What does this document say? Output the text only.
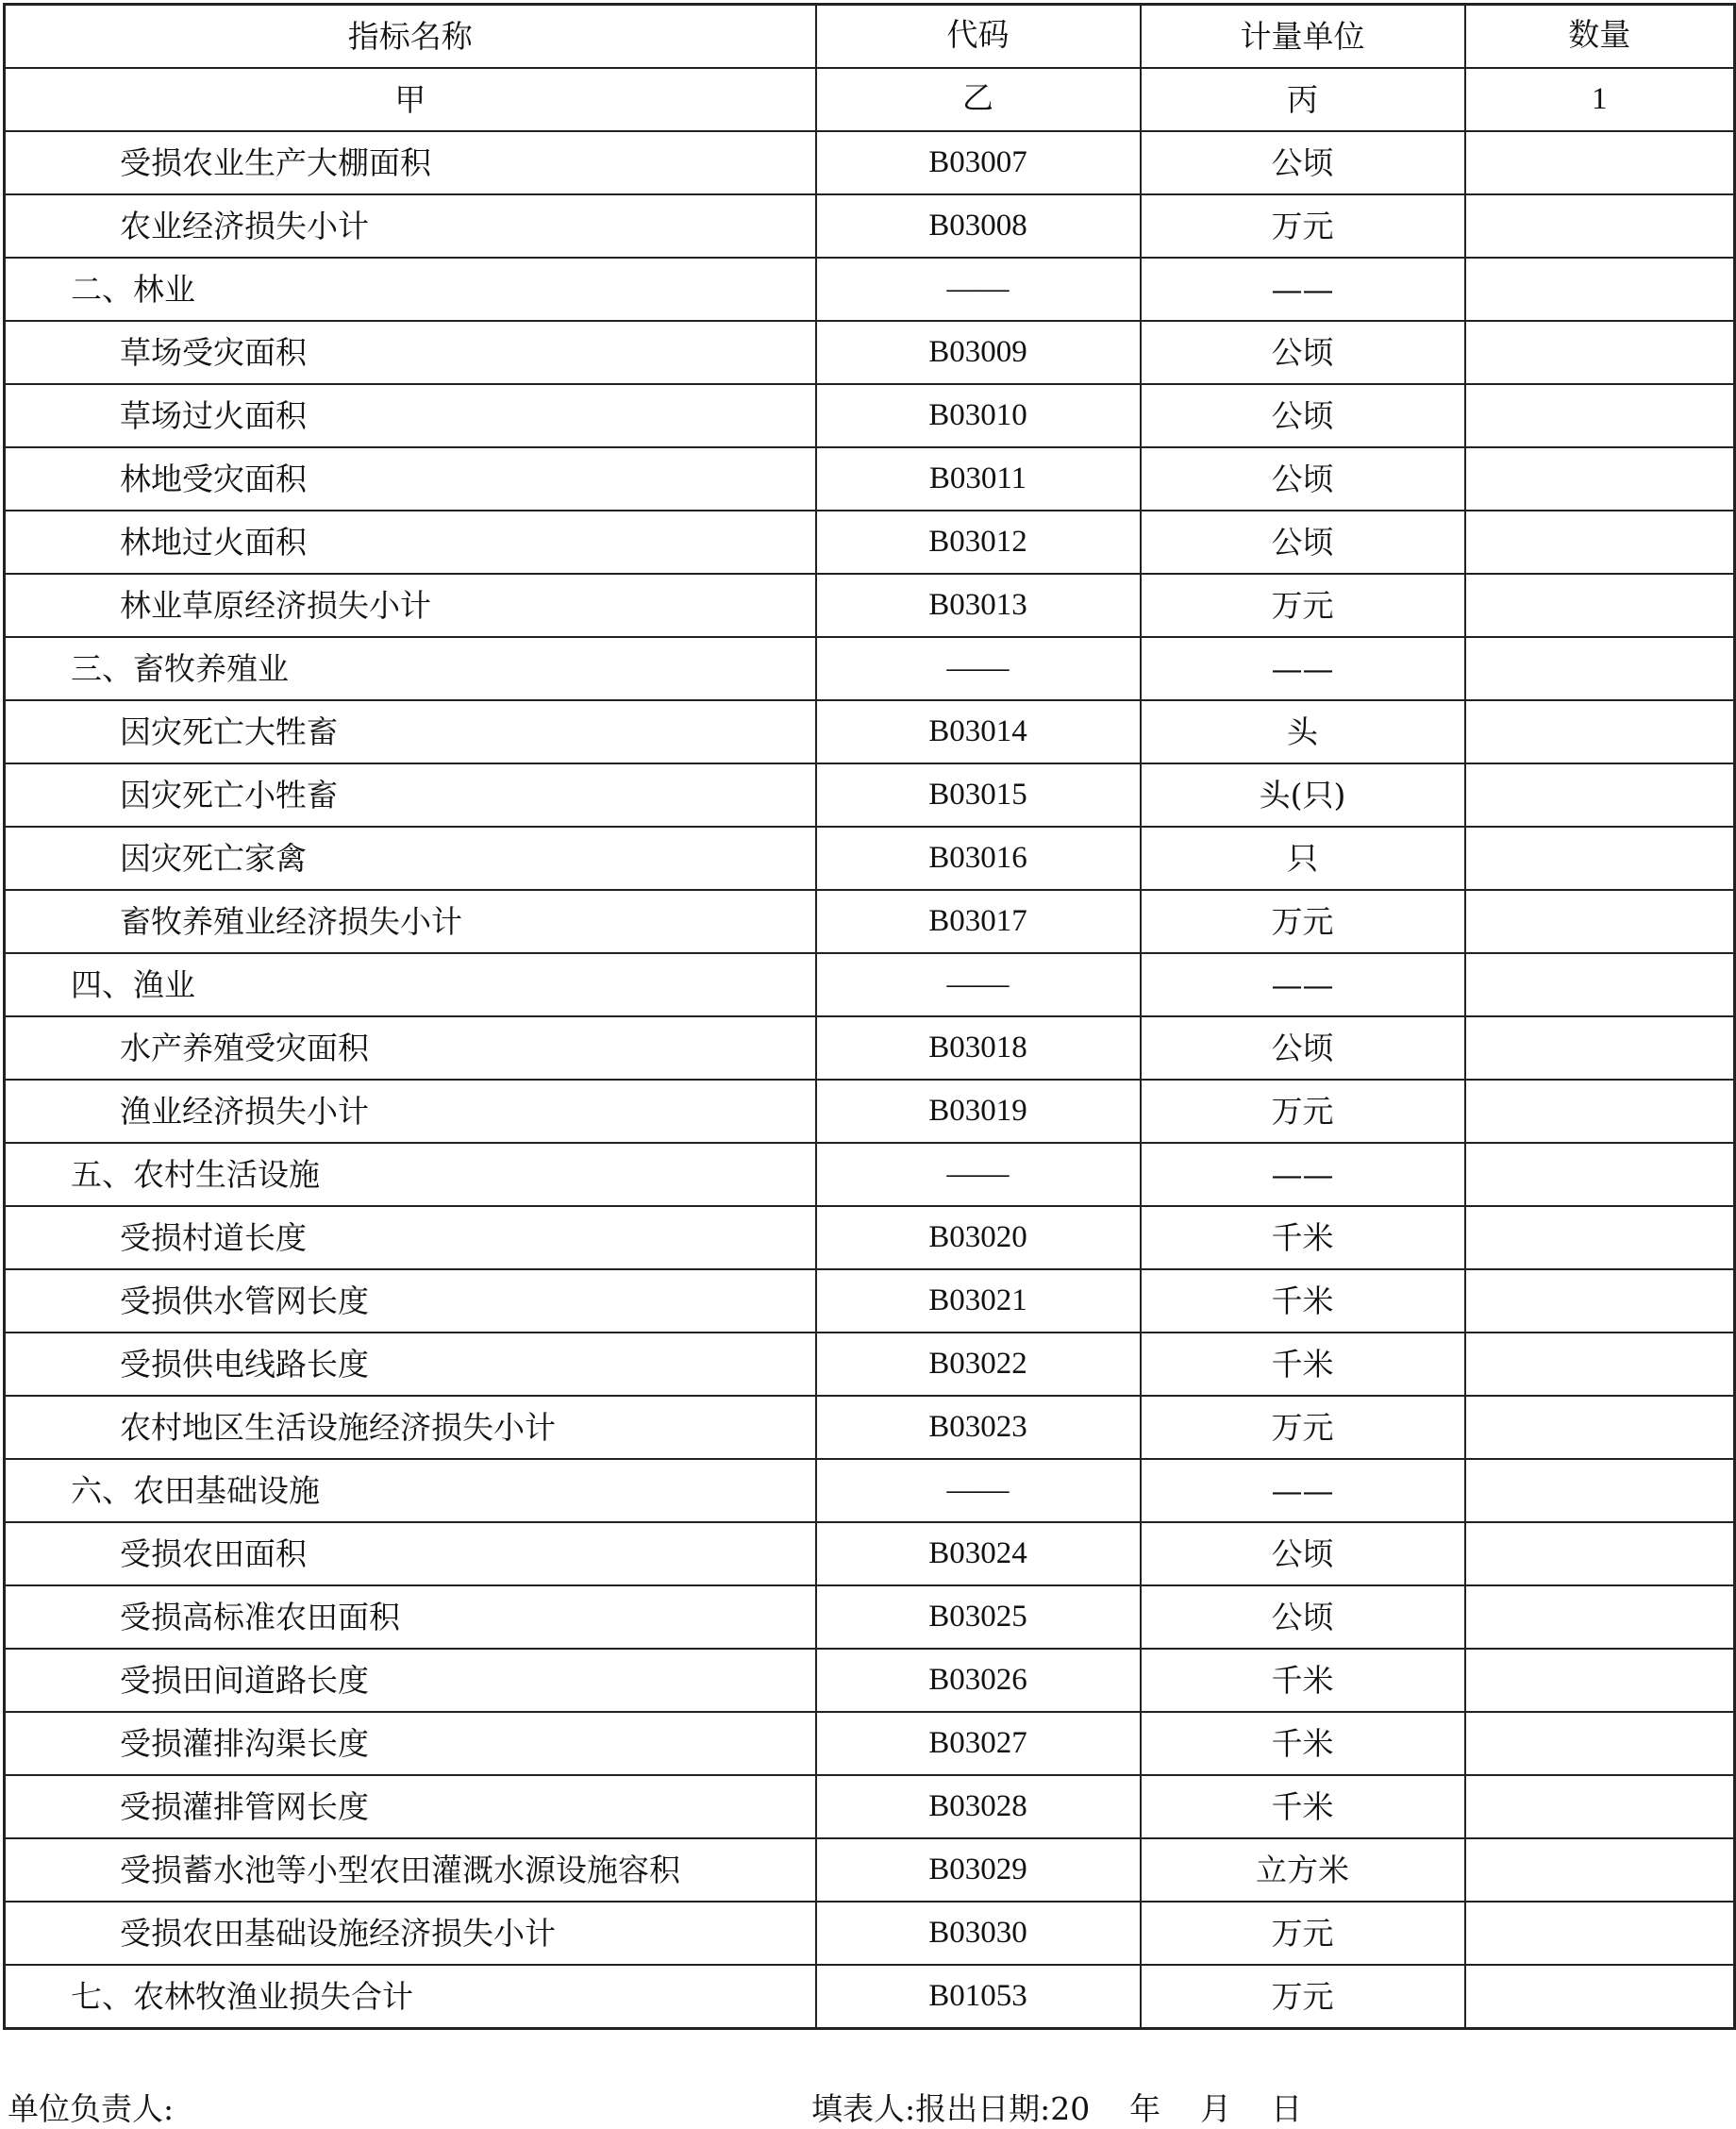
指标名称	代码	计量单位	数量
甲	乙	丙	1
受损农业生产大棚面积	B03007	公顷	
农业经济损失小计	B03008	万元	
二、林业	——	——	
草场受灾面积	B03009	公顷	
草场过火面积	B03010	公顷	
林地受灾面积	B03011	公顷	
林地过火面积	B03012	公顷	
林业草原经济损失小计	B03013	万元	
三、畜牧养殖业	——	——	
因灾死亡大牲畜	B03014	头	
因灾死亡小牲畜	B03015	头(只)	
因灾死亡家禽	B03016	只	
畜牧养殖业经济损失小计	B03017	万元	
四、渔业	——	——	
水产养殖受灾面积	B03018	公顷	
渔业经济损失小计	B03019	万元	
五、农村生活设施	——	——	
受损村道长度	B03020	千米	
受损供水管网长度	B03021	千米	
受损供电线路长度	B03022	千米	
农村地区生活设施经济损失小计	B03023	万元	
六、农田基础设施	——	——	
受损农田面积	B03024	公顷	
受损高标准农田面积	B03025	公顷	
受损田间道路长度	B03026	千米	
受损灌排沟渠长度	B03027	千米	
受损灌排管网长度	B03028	千米	
受损蓄水池等小型农田灌溉水源设施容积	B03029	立方米	
受损农田基础设施经济损失小计	B03030	万元	
七、农林牧渔业损失合计	B01053	万元	
单位负责人:	填表人:报出日期:20    年    月    日
